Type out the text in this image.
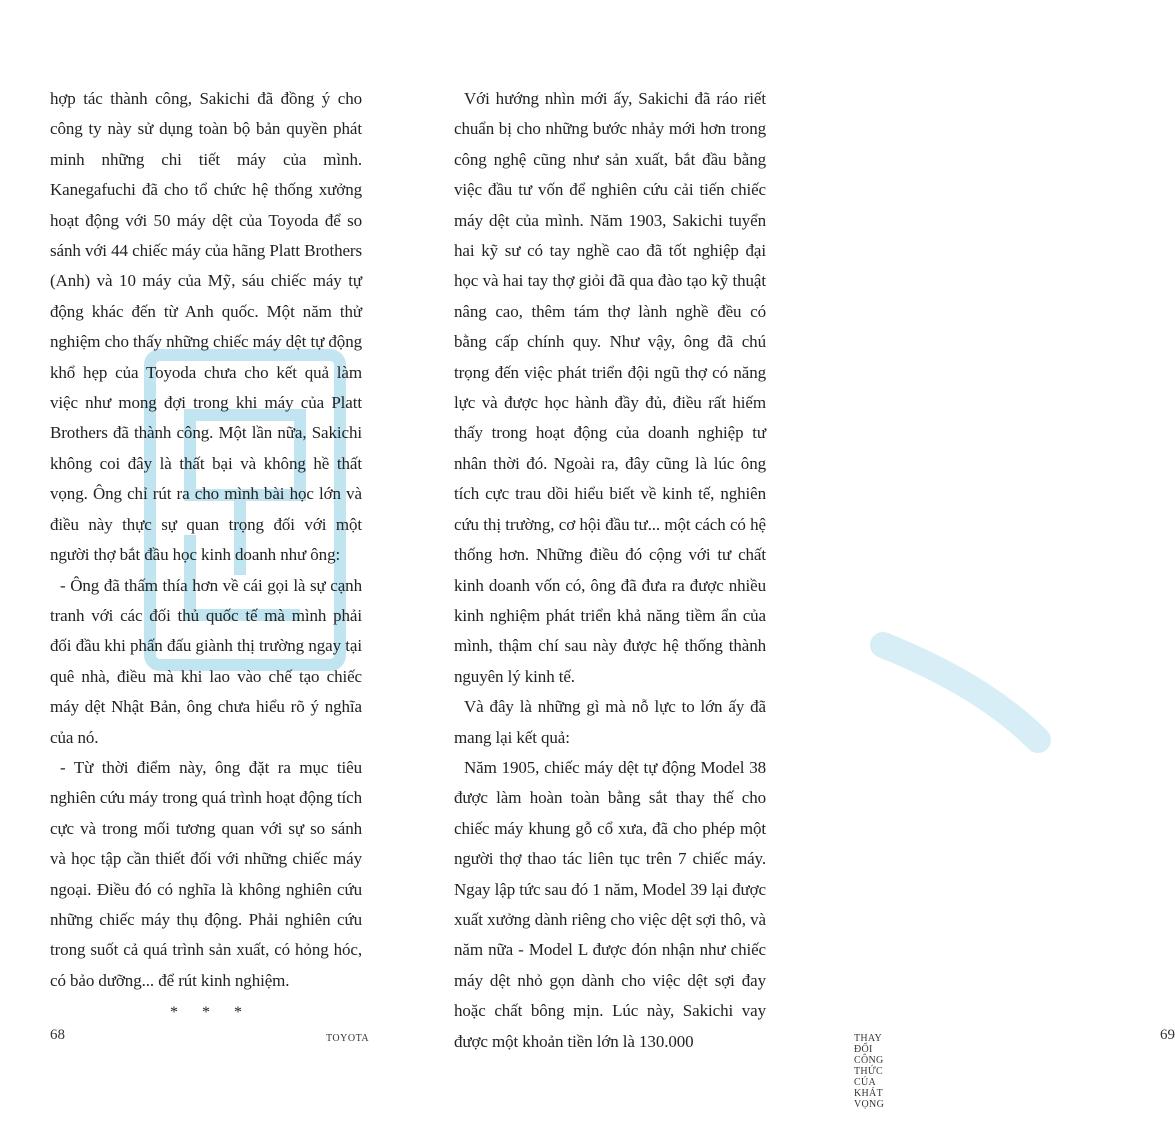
hợp tác thành công, Sakichi đã đồng ý cho công ty này sử dụng toàn bộ bản quyền phát minh những chi tiết máy của mình. Kanegafuchi đã cho tổ chức hệ thống xưởng hoạt động với 50 máy dệt của Toyoda để so sánh với 44 chiếc máy của hãng Platt Brothers (Anh) và 10 máy của Mỹ, sáu chiếc máy tự động khác đến từ Anh quốc. Một năm thử nghiệm cho thấy những chiếc máy dệt tự động khổ hẹp của Toyoda chưa cho kết quả làm việc như mong đợi trong khi máy của Platt Brothers đã thành công. Một lần nữa, Sakichi không coi đây là thất bại và không hề thất vọng. Ông chỉ rút ra cho mình bài học lớn và điều này thực sự quan trọng đối với một người thợ bắt đầu học kinh doanh như ông:

- Ông đã thấm thía hơn về cái gọi là sự cạnh tranh với các đối thủ quốc tế mà mình phải đối đầu khi phấn đấu giành thị trường ngay tại quê nhà, điều mà khi lao vào chế tạo chiếc máy dệt Nhật Bản, ông chưa hiểu rõ ý nghĩa của nó.

- Từ thời điểm này, ông đặt ra mục tiêu nghiên cứu máy trong quá trình hoạt động tích cực và trong mối tương quan với sự so sánh và học tập cần thiết đối với những chiếc máy ngoại. Điều đó có nghĩa là không nghiên cứu những chiếc máy thụ động. Phải nghiên cứu trong suốt cả quá trình sản xuất, có hỏng hóc, có bảo dưỡng... để rút kinh nghiệm.

* * *
68	TOYOTA

Với hướng nhìn mới ấy, Sakichi đã ráo riết chuẩn bị cho những bước nhảy mới hơn trong công nghệ cũng như sản xuất, bắt đầu bằng việc đầu tư vốn để nghiên cứu cải tiến chiếc máy dệt của mình. Năm 1903, Sakichi tuyển hai kỹ sư có tay nghề cao đã tốt nghiệp đại học và hai tay thợ giỏi đã qua đào tạo kỹ thuật nâng cao, thêm tám thợ lành nghề đều có bằng cấp chính quy. Như vậy, ông đã chú trọng đến việc phát triển đội ngũ thợ có năng lực và được học hành đầy đủ, điều rất hiếm thấy trong hoạt động của doanh nghiệp tư nhân thời đó. Ngoài ra, đây cũng là lúc ông tích cực trau dồi hiểu biết về kinh tế, nghiên cứu thị trường, cơ hội đầu tư... một cách có hệ thống hơn. Những điều đó cộng với tư chất kinh doanh vốn có, ông đã đưa ra được nhiều kinh nghiệm phát triển khả năng tiềm ẩn của mình, thậm chí sau này được hệ thống thành nguyên lý kinh tế.

Và đây là những gì mà nỗ lực to lớn ấy đã mang lại kết quả:

Năm 1905, chiếc máy dệt tự động Model 38 được làm hoàn toàn bằng sắt thay thế cho chiếc máy khung gỗ cổ xưa, đã cho phép một người thợ thao tác liên tục trên 7 chiếc máy. Ngay lập tức sau đó 1 năm, Model 39 lại được xuất xưởng dành riêng cho việc dệt sợi thô, và năm nữa - Model L được đón nhận như chiếc máy dệt nhỏ gọn dành cho việc dệt sợi đay hoặc chất bông mịn. Lúc này, Sakichi vay được một khoản tiền lớn là 130.000	THAY ĐỔI CÔNG THỨC CỦA KHÁT VỌNG
69
